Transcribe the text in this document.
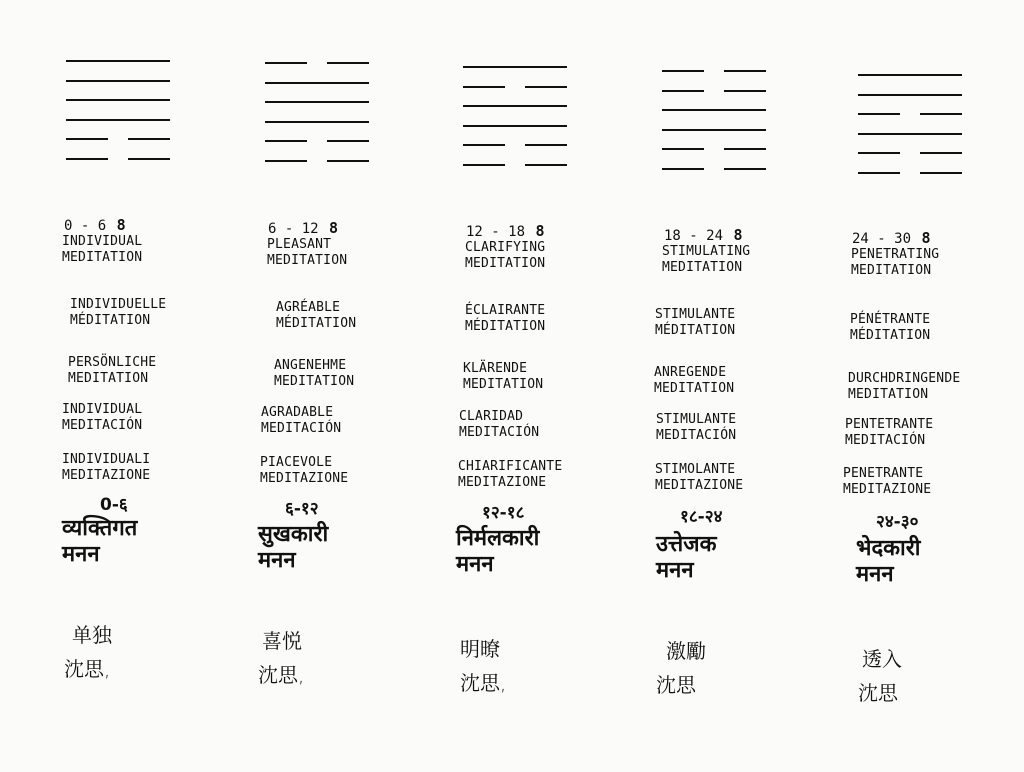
0 - 6 8
INDIVIDUAL
MEDITATION
INDIVIDUELLE
MÉDITATION
PERSÖNLICHE
MEDITATION
INDIVIDUAL
MEDITACIÓN
INDIVIDUALI
MEDITAZIONE
0-६
व्यक्तिगत
मनन
单独
沈思,
6 - 12 8
PLEASANT
MEDITATION
AGRÉABLE
MÉDITATION
ANGENEHME
MEDITATION
AGRADABLE
MEDITACIÓN
PIACEVOLE
MEDITAZIONE
६-१२
सुखकारी
मनन
喜悦
沈思,
12 - 18 8
CLARIFYING
MEDITATION
ÉCLAIRANTE
MÉDITATION
KLÄRENDE
MEDITATION
CLARIDAD
MEDITACIÓN
CHIARIFICANTE
MEDITAZIONE
१२-१८
निर्मलकारी
मनन
明暸
沈思,
18 - 24 8
STIMULATING
MEDITATION
STIMULANTE
MÉDITATION
ANREGENDE
MEDITATION
STIMULANTE
MEDITACIÓN
STIMOLANTE
MEDITAZIONE
१८-२४
उत्तेजक
मनन
激勵
沈思
24 - 30 8
PENETRATING
MEDITATION
PÉNÉTRANTE
MÉDITATION
DURCHDRINGENDE
MEDITATION
PENTETRANTE
MEDITACIÓN
PENETRANTE
MEDITAZIONE
२४-३०
भेदकारी
मनन
透入
沈思
